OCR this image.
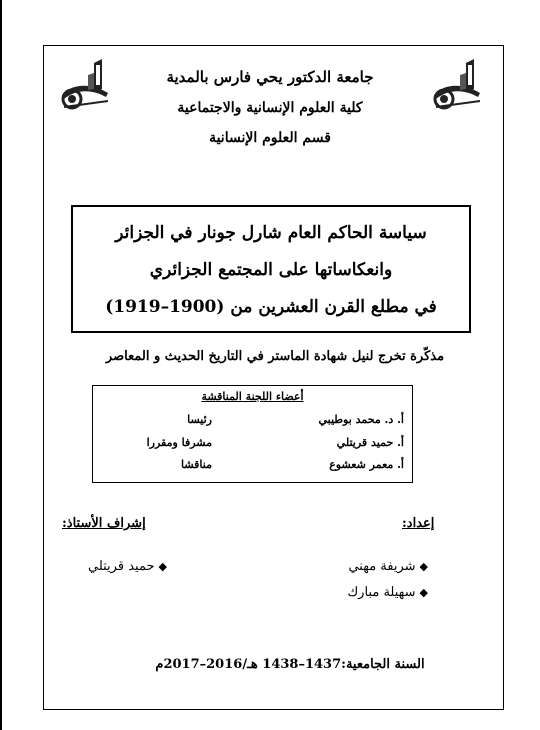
جامعة الدكتور يحي فارس بالمدية
كلية العلوم الإنسانية والاجتماعية
قسم العلوم الإنسانية
سياسة الحاكم العام شارل جونار في الجزائر
وانعكاساتها على المجتمع الجزائري
في مطلع القرن العشرين من (1900–1919)
مذكّرة تخرج لنيل شهادة الماستر في التاريخ الحديث و المعاصر
أعضاء اللجنة المناقشة
أ. د. محمد بوطيبي
رئيسا
أ. حميد قريتلي
مشرفا ومقررا
أ. معمر شعشوع
مناقشا
إعداد:
إشراف الأستاذ:
◆
شريفة مهني
◆
سهيلة مبارك
◆
حميد قريتلي
السنة الجامعية:1437–1438 هـ/2016–2017م
